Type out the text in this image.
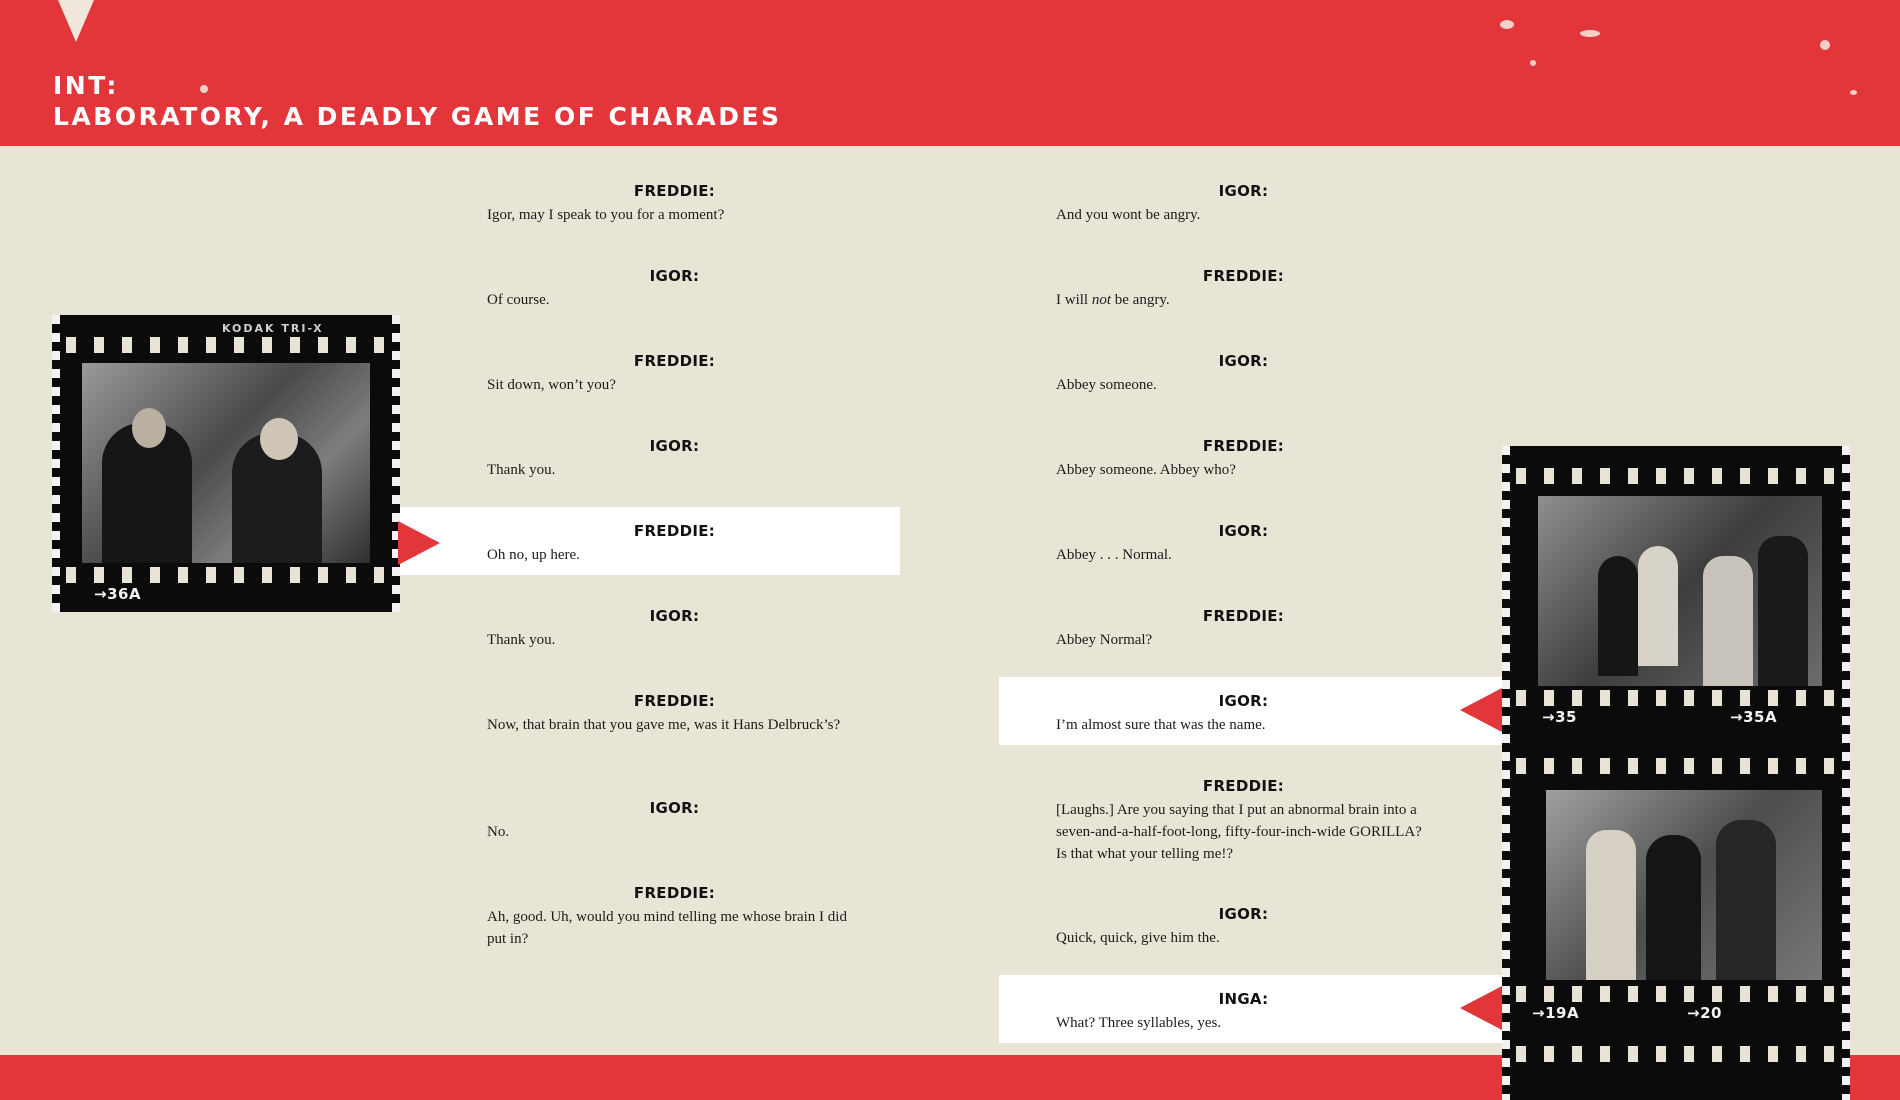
INT:
LABORATORY, A DEADLY GAME OF CHARADES
→36A
→35	→35A
→19A	→20
FREDDIE:
Igor, may I speak to you for a moment?
IGOR:
Of course.
FREDDIE:
Sit down, won’t you?
IGOR:
Thank you.
FREDDIE:
Oh no, up here.
IGOR:
Thank you.
FREDDIE:
Now, that brain that you gave me, was it Hans Delbruck’s?
IGOR:
No.
FREDDIE:
Ah, good. Uh, would you mind telling me whose brain I did put in?
IGOR:
And you wont be angry.
FREDDIE:
I will not be angry.
IGOR:
Abbey someone.
FREDDIE:
Abbey someone. Abbey who?
IGOR:
Abbey . . . Normal.
FREDDIE:
Abbey Normal?
IGOR:
I’m almost sure that was the name.
FREDDIE:
[Laughs.] Are you saying that I put an abnormal brain into a seven-and-a-half-foot-long, fifty-four-inch-wide GORILLA? Is that what your telling me!?
IGOR:
Quick, quick, give him the.
INGA:
What? Three syllables, yes.
KODAK TRI-X
